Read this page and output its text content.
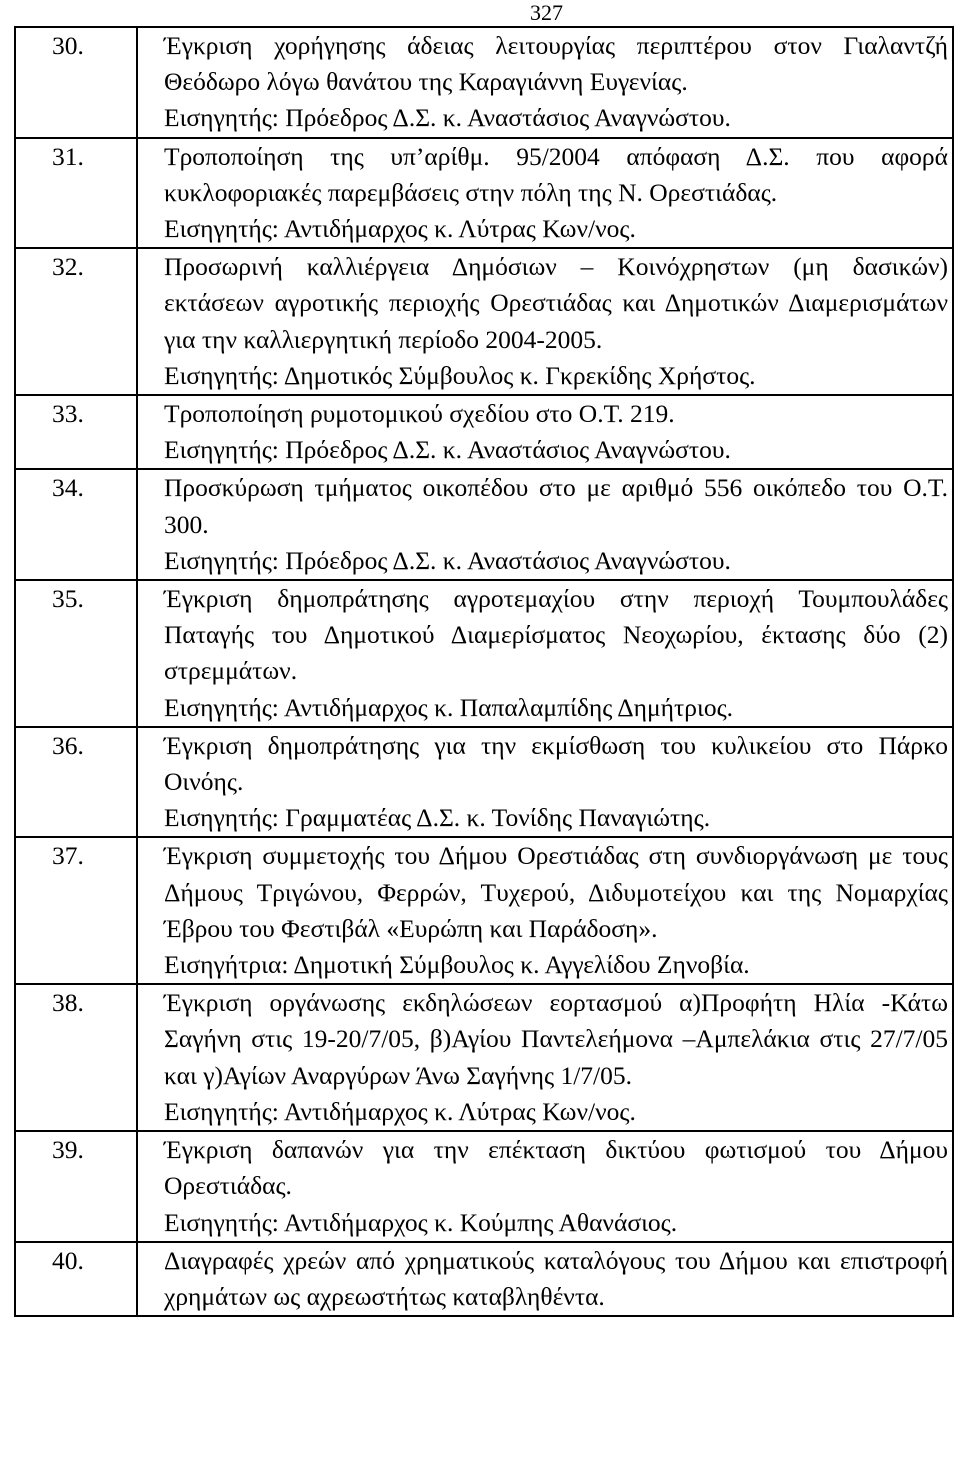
327
30.	Έγκριση χορήγησης άδειας λειτουργίας περιπτέρου στον Γιαλαντζή Θεόδωρο λόγω θανάτου της Καραγιάννη Ευγενίας.
Εισηγητής: Πρόεδρος Δ.Σ. κ. Αναστάσιος Αναγνώστου.

31.	Τροποποίηση της υπ’αρίθμ. 95/2004 απόφαση Δ.Σ. που αφορά κυκλοφοριακές παρεμβάσεις στην πόλη της Ν. Ορεστιάδας.
Εισηγητής: Αντιδήμαρχος κ. Λύτρας Κων/νος.

32.	Προσωρινή καλλιέργεια Δημόσιων – Κοινόχρηστων (μη δασικών) εκτάσεων αγροτικής περιοχής Ορεστιάδας και Δημοτικών Διαμερισμάτων για την καλλιεργητική περίοδο 2004-2005.
Εισηγητής: Δημοτικός Σύμβουλος κ. Γκρεκίδης Χρήστος.

33.	Τροποποίηση ρυμοτομικού σχεδίου στο Ο.Τ. 219.
Εισηγητής: Πρόεδρος Δ.Σ. κ. Αναστάσιος Αναγνώστου.

34.	Προσκύρωση τμήματος οικοπέδου στο με αριθμό 556 οικόπεδο του Ο.Τ. 300.
Εισηγητής: Πρόεδρος Δ.Σ. κ. Αναστάσιος Αναγνώστου.

35.	Έγκριση δημοπράτησης αγροτεμαχίου στην περιοχή Τουμπουλάδες Παταγής του Δημοτικού Διαμερίσματος Νεοχωρίου, έκτασης δύο (2) στρεμμάτων.
Εισηγητής: Αντιδήμαρχος κ. Παπαλαμπίδης Δημήτριος.

36.	Έγκριση δημοπράτησης για την εκμίσθωση του κυλικείου στο Πάρκο Οινόης.
Εισηγητής: Γραμματέας Δ.Σ. κ. Τονίδης Παναγιώτης.

37.	Έγκριση συμμετοχής του Δήμου Ορεστιάδας στη συνδιοργάνωση με τους Δήμους Τριγώνου, Φερρών, Τυχερού, Διδυμοτείχου και της Νομαρχίας Έβρου του Φεστιβάλ «Ευρώπη και Παράδοση».
Εισηγήτρια: Δημοτική Σύμβουλος κ. Αγγελίδου Ζηνοβία.

38.	Έγκριση οργάνωσης εκδηλώσεων εορτασμού α)Προφήτη Ηλία -Κάτω Σαγήνη στις 19-20/7/05, β)Αγίου Παντελεήμονα –Αμπελάκια στις 27/7/05 και γ)Αγίων Αναργύρων Άνω Σαγήνης 1/7/05.
Εισηγητής: Αντιδήμαρχος κ. Λύτρας Κων/νος.

39.	Έγκριση δαπανών για την επέκταση δικτύου φωτισμού του Δήμου Ορεστιάδας.
Εισηγητής: Αντιδήμαρχος κ. Κούμπης Αθανάσιος.

40.	Διαγραφές χρεών από χρηματικούς καταλόγους του Δήμου και επιστροφή χρημάτων ως αχρεωστήτως καταβληθέντα.
